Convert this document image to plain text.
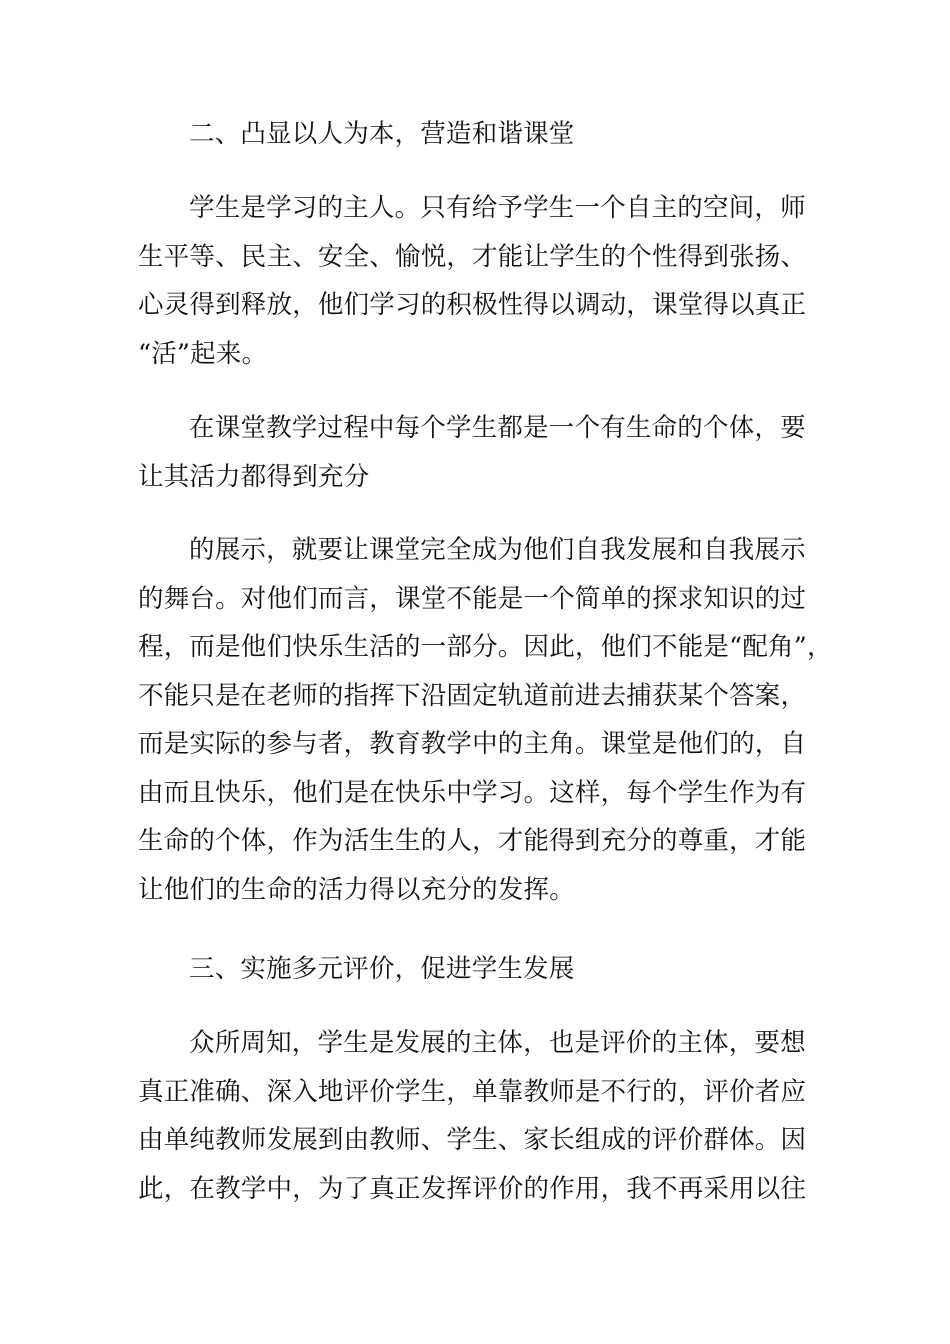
二、凸显以人为本，营造和谐课堂

学生是学习的主人。只有给予学生一个自主的空间，师
生平等、民主、安全、愉悦，才能让学生的个性得到张扬、
心灵得到释放，他们学习的积极性得以调动，课堂得以真正
“活”起来。

在课堂教学过程中每个学生都是一个有生命的个体，要
让其活力都得到充分

的展示，就要让课堂完全成为他们自我发展和自我展示
的舞台。对他们而言，课堂不能是一个简单的探求知识的过
程，而是他们快乐生活的一部分。因此，他们不能是“配角”，
不能只是在老师的指挥下沿固定轨道前进去捕获某个答案，
而是实际的参与者，教育教学中的主角。课堂是他们的，自
由而且快乐，他们是在快乐中学习。这样，每个学生作为有
生命的个体，作为活生生的人，才能得到充分的尊重，才能
让他们的生命的活力得以充分的发挥。

三、实施多元评价，促进学生发展

众所周知，学生是发展的主体，也是评价的主体，要想
真正准确、深入地评价学生，单靠教师是不行的，评价者应
由单纯教师发展到由教师、学生、家长组成的评价群体。因
此，在教学中，为了真正发挥评价的作用，我不再采用以往
